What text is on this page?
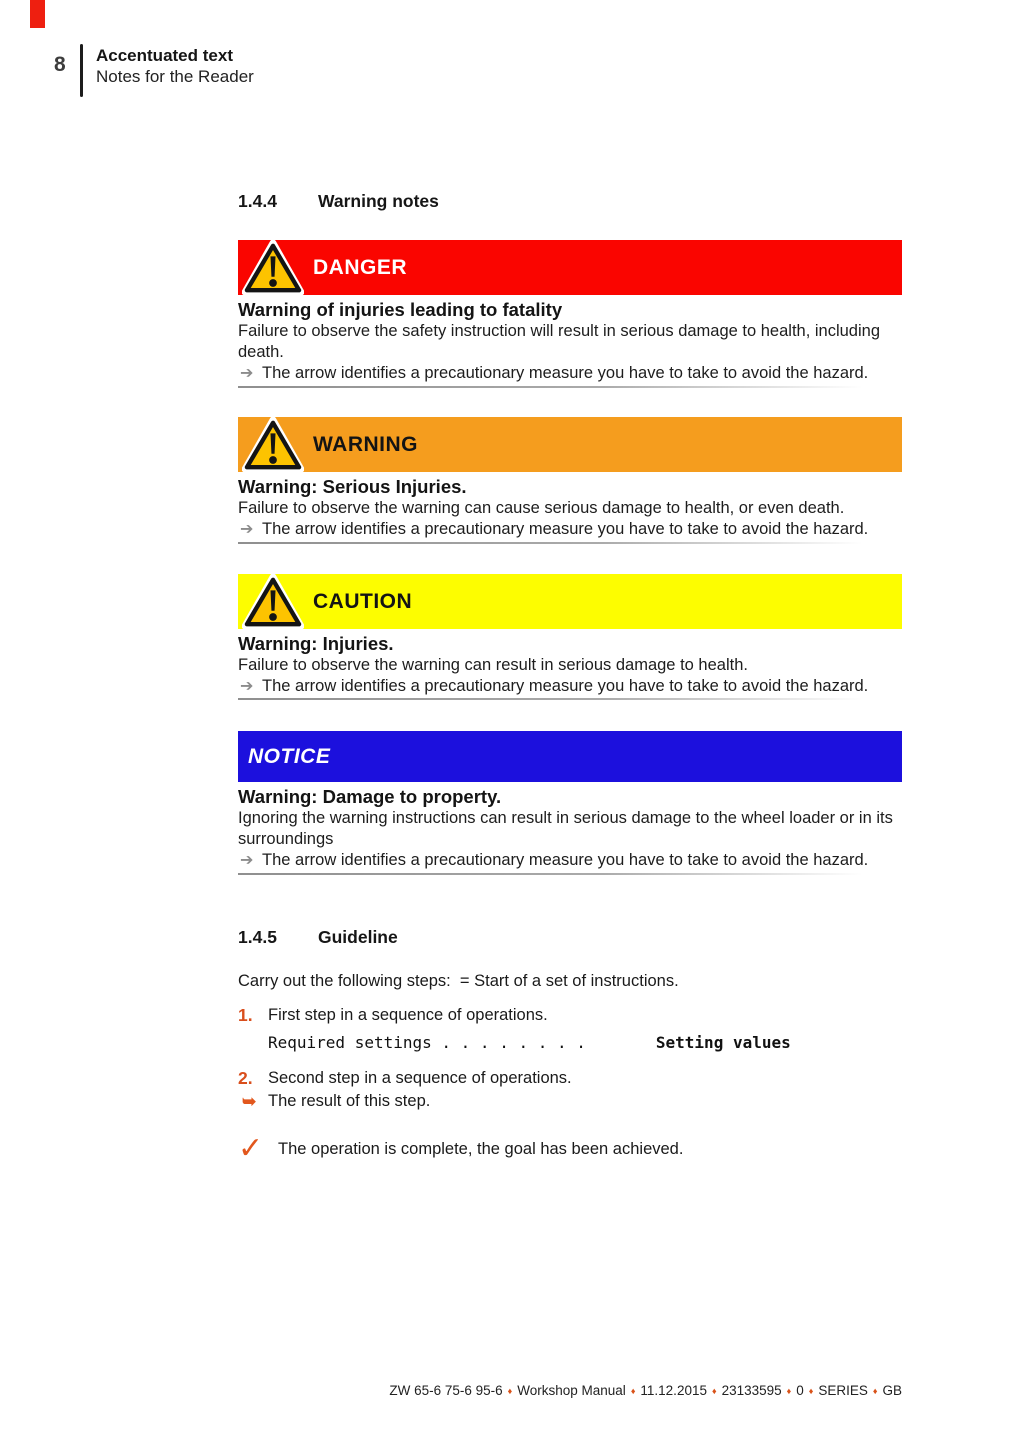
8 Accentuated text
Notes for the Reader
1.4.4	Warning notes
DANGER
Warning of injuries leading to fatality
Failure to observe the safety instruction will result in serious damage to health, including death.
➔ The arrow identifies a precautionary measure you have to take to avoid the hazard.
WARNING
Warning: Serious Injuries.
Failure to observe the warning can cause serious damage to health, or even death.
➔ The arrow identifies a precautionary measure you have to take to avoid the hazard.
CAUTION
Warning: Injuries.
Failure to observe the warning can result in serious damage to health.
➔ The arrow identifies a precautionary measure you have to take to avoid the hazard.
NOTICE
Warning: Damage to property.
Ignoring the warning instructions can result in serious damage to the wheel loader or in its surroundings
➔ The arrow identifies a precautionary measure you have to take to avoid the hazard.
1.4.5	Guideline
Carry out the following steps:  = Start of a set of instructions.
1. First step in a sequence of operations.
Required settings . . . . . . . .	Setting values
2. Second step in a sequence of operations.
➥ The result of this step.
✓ The operation is complete, the goal has been achieved.
ZW 65-6 75-6 95-6 ♦ Workshop Manual ♦ 11.12.2015 ♦ 23133595 ♦ 0 ♦ SERIES ♦ GB
